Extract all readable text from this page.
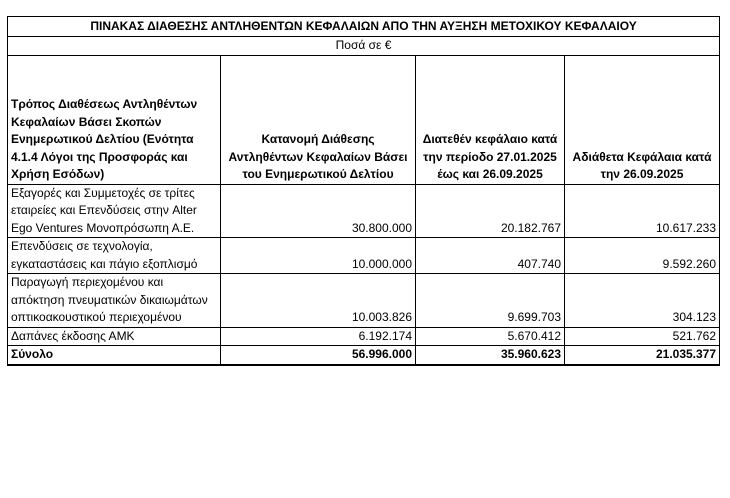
ΠΙΝΑΚΑΣ ΔΙΑΘΕΣΗΣ ΑΝΤΛΗΘΕΝΤΩΝ ΚΕΦΑΛΑΙΩΝ ΑΠΟ ΤΗΝ ΑΥΞΗΣΗ ΜΕΤΟΧΙΚΟΥ ΚΕΦΑΛΑΙΟΥ			
Ποσά σε €			
Τρόπος Διαθέσεως Αντληθέντων Κεφαλαίων Βάσει Σκοπών Ενημερωτικού Δελτίου (Ενότητα 4.1.4 Λόγοι της Προσφοράς και Χρήση Εσόδων)	Κατανομή Διάθεσης Αντληθέντων Κεφαλαίων Βάσει του Ενημερωτικού Δελτίου	Διατεθέν κεφάλαιο κατά την περίοδο 27.01.2025 έως και 26.09.2025	Αδιάθετα Κεφάλαια κατά την 26.09.2025
Εξαγορές και Συμμετοχές σε τρίτες εταιρείες και Επενδύσεις στην Alter Ego Ventures Μονοπρόσωπη Α.Ε.	30.800.000	20.182.767	10.617.233
Επενδύσεις σε τεχνολογία, εγκαταστάσεις και πάγιο εξοπλισμό	10.000.000	407.740	9.592.260
Παραγωγή περιεχομένου και απόκτηση πνευματικών δικαιωμάτων οπτικοακουστικού περιεχομένου	10.003.826	9.699.703	304.123
Δαπάνες έκδοσης ΑΜΚ	6.192.174	5.670.412	521.762
Σύνολο	56.996.000	35.960.623	21.035.377
